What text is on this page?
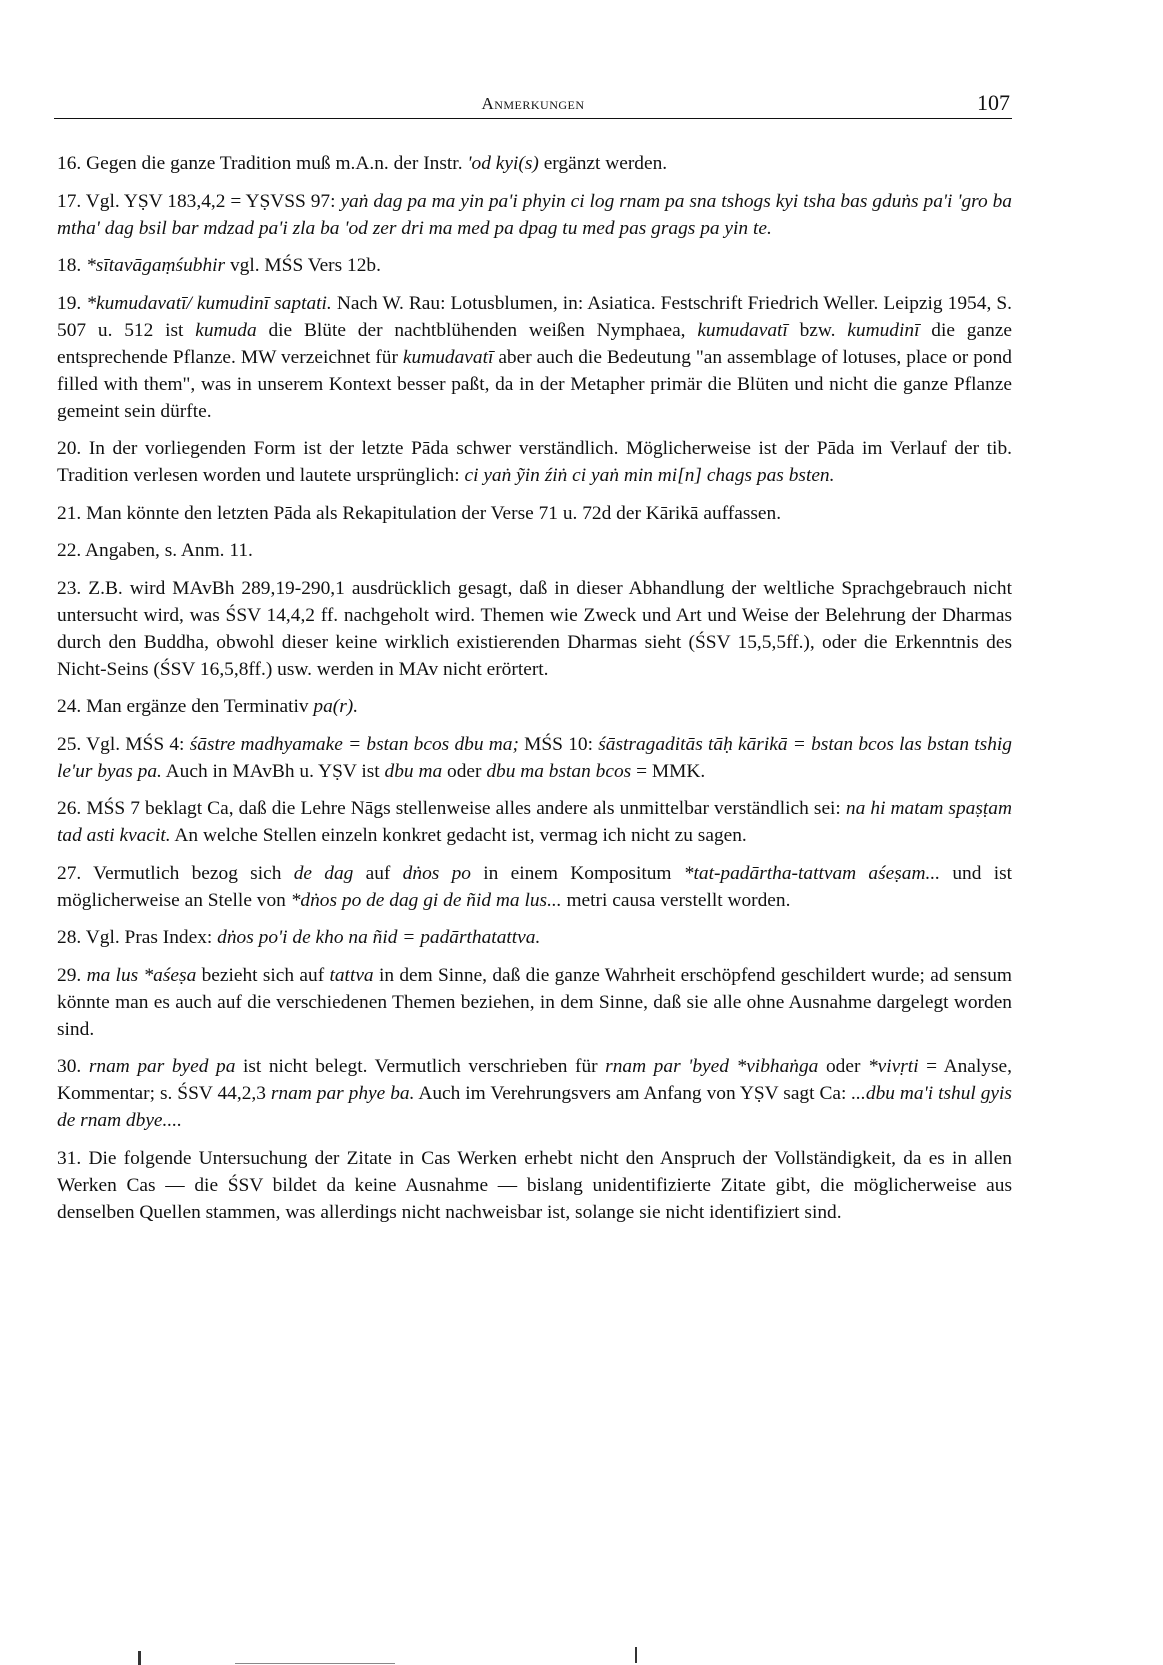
Anmerkungen	107

16. Gegen die ganze Tradition muß m.A.n. der Instr. 'od kyi(s) ergänzt werden.

17. Vgl. YṢV 183,4,2 = YṢVSS 97: yaṅ dag pa ma yin pa'i phyin ci log rnam pa sna tshogs kyi tsha bas gduṅs pa'i 'gro ba mtha' dag bsil bar mdzad pa'i zla ba 'od zer dri ma med pa dpag tu med pas grags pa yin te.

18. *sītavāgaṃśubhir vgl. MŚS Vers 12b.

19. *kumudavatī/ kumudinī saptati. Nach W. Rau: Lotusblumen, in: Asiatica. Festschrift Friedrich Weller. Leipzig 1954, S. 507 u. 512 ist kumuda die Blüte der nachtblühenden weißen Nymphaea, kumudavatī bzw. kumudinī die ganze entsprechende Pflanze. MW verzeichnet für kumudavatī aber auch die Bedeutung "an assemblage of lotuses, place or pond filled with them", was in unserem Kontext besser paßt, da in der Metapher primär die Blüten und nicht die ganze Pflanze gemeint sein dürfte.

20. In der vorliegenden Form ist der letzte Pāda schwer verständlich. Möglicherweise ist der Pāda im Verlauf der tib. Tradition verlesen worden und lautete ursprünglich: ci yaṅ ỹin źiṅ ci yaṅ min mi[n] chags pas bsten.

21. Man könnte den letzten Pāda als Rekapitulation der Verse 71 u. 72d der Kārikā auffassen.

22. Angaben, s. Anm. 11.

23. Z.B. wird MAvBh 289,19-290,1 ausdrücklich gesagt, daß in dieser Abhandlung der weltliche Sprachgebrauch nicht untersucht wird, was ŚSV 14,4,2 ff. nachgeholt wird. Themen wie Zweck und Art und Weise der Belehrung der Dharmas durch den Buddha, obwohl dieser keine wirklich existierenden Dharmas sieht (ŚSV 15,5,5ff.), oder die Erkenntnis des Nicht-Seins (ŚSV 16,5,8ff.) usw. werden in MAv nicht erörtert.

24. Man ergänze den Terminativ pa(r).

25. Vgl. MŚS 4: śāstre madhyamake = bstan bcos dbu ma; MŚS 10: śāstragaditās tāḥ kārikā = bstan bcos las bstan tshig le'ur byas pa. Auch in MAvBh u. YṢV ist dbu ma oder dbu ma bstan bcos = MMK.

26. MŚS 7 beklagt Ca, daß die Lehre Nāgs stellenweise alles andere als unmittelbar verständlich sei: na hi matam spaṣṭam tad asti kvacit. An welche Stellen einzeln konkret gedacht ist, vermag ich nicht zu sagen.

27. Vermutlich bezog sich de dag auf dṅos po in einem Kompositum *tat-padārtha-tattvam aśeṣam... und ist möglicherweise an Stelle von *dṅos po de dag gi de ñid ma lus... metri causa verstellt worden.

28. Vgl. Pras Index: dṅos po'i de kho na ñid = padārthatattva.

29. ma lus *aśeṣa bezieht sich auf tattva in dem Sinne, daß die ganze Wahrheit erschöpfend geschildert wurde; ad sensum könnte man es auch auf die verschiedenen Themen beziehen, in dem Sinne, daß sie alle ohne Ausnahme dargelegt worden sind.

30. rnam par byed pa ist nicht belegt. Vermutlich verschrieben für rnam par 'byed *vibhaṅga oder *vivṛti = Analyse, Kommentar; s. ŚSV 44,2,3 rnam par phye ba. Auch im Verehrungsvers am Anfang von YṢV sagt Ca: ...dbu ma'i tshul gyis de rnam dbye....

31. Die folgende Untersuchung der Zitate in Cas Werken erhebt nicht den Anspruch der Vollständigkeit, da es in allen Werken Cas — die ŚSV bildet da keine Ausnahme — bislang unidentifizierte Zitate gibt, die möglicherweise aus denselben Quellen stammen, was allerdings nicht nachweisbar ist, solange sie nicht identifiziert sind.
